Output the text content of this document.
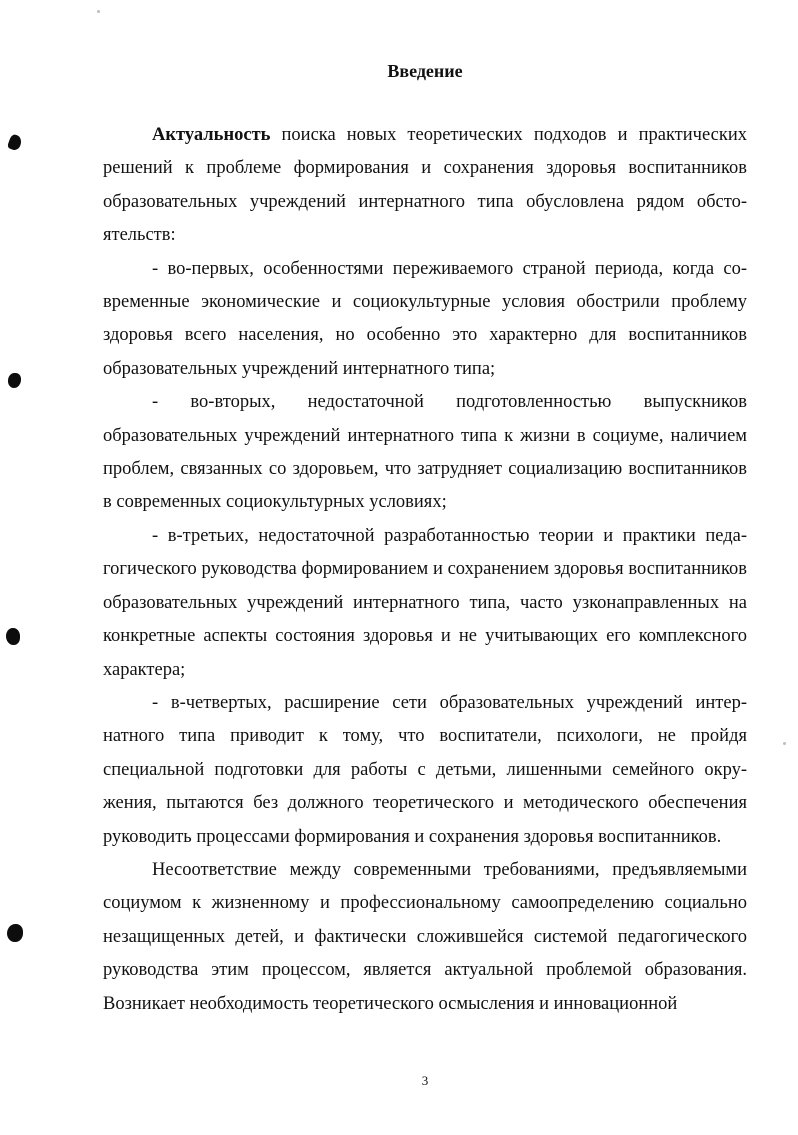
Введение

Актуальность поиска новых теоретических подходов и практических решений к проблеме формирования и сохранения здоровья воспитанников образовательных учреждений интернатного типа обусловлена рядом обстоятельств:

- во-первых, особенностями переживаемого страной периода, когда современные экономические и социокультурные условия обострили проблему здоровья всего населения, но особенно это характерно для воспитанников образовательных учреждений интернатного типа;

- во-вторых, недостаточной подготовленностью выпускников образовательных учреждений интернатного типа к жизни в социуме, наличием проблем, связанных со здоровьем, что затрудняет социализацию воспитанников в современных социокультурных условиях;

- в-третьих, недостаточной разработанностью теории и практики педагогического руководства формированием и сохранением здоровья воспитанников образовательных учреждений интернатного типа, часто узконаправленных на конкретные аспекты состояния здоровья и не учитывающих его комплексного характера;

- в-четвертых, расширение сети образовательных учреждений интернатного типа приводит к тому, что воспитатели, психологи, не пройдя специальной подготовки для работы с детьми, лишенными семейного окружения, пытаются без должного теоретического и методического обеспечения руководить процессами формирования и сохранения здоровья воспитанников.

Несоответствие между современными требованиями, предъявляемыми социумом к жизненному и профессиональному самоопределению социально незащищенных детей, и фактически сложившейся системой педагогического руководства этим процессом, является актуальной проблемой образования. Возникает необходимость теоретического осмысления и инновационной

3
